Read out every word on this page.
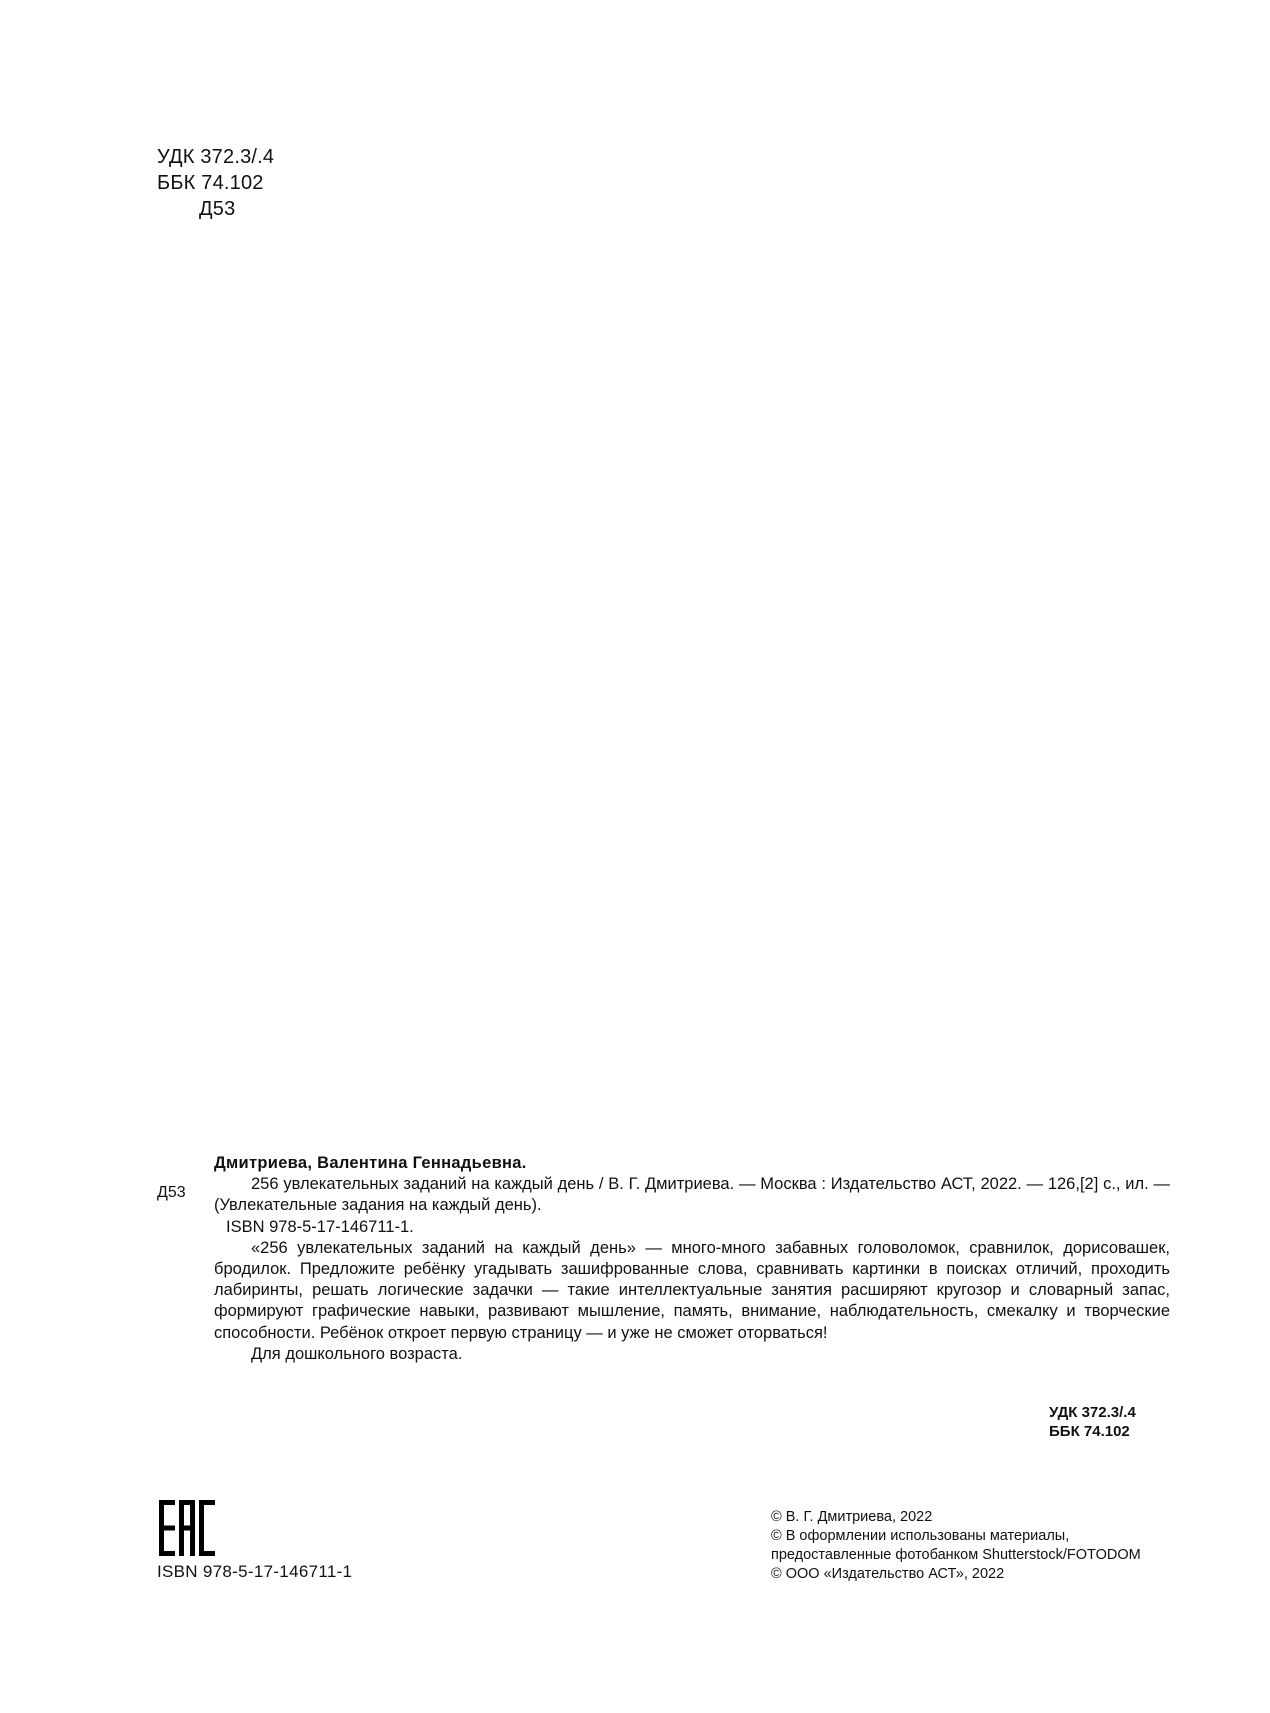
УДК 372.3/.4
ББК 74.102
Д53
Д53

Дмитриева, Валентина Геннадьевна.

256 увлекательных заданий на каждый день / В. Г. Дмитриева. — Москва : Издательство АСТ, 2022. — 126,[2] с., ил. — (Увлекательные задания на каждый день).

ISBN 978-5-17-146711-1.

«256 увлекательных заданий на каждый день» — много-много забавных головоломок, сравнилок, дорисовашек, бродилок. Предложите ребёнку угадывать зашифрованные слова, сравнивать картинки в поисках отличий, проходить лабиринты, решать логические задачки — такие интеллектуальные занятия расширяют кругозор и словарный запас, формируют графические навыки, развивают мышление, память, внимание, наблюдательность, смекалку и творческие способности. Ребёнок откроет первую страницу — и уже не сможет оторваться!

Для дошкольного возраста.

УДК 372.3/.4
ББК 74.102
ISBN 978-5-17-146711-1
© В. Г. Дмитриева, 2022
© В оформлении использованы материалы,
предоставленные фотобанком Shutterstock/FOTODOM
© ООО «Издательство АСТ», 2022
